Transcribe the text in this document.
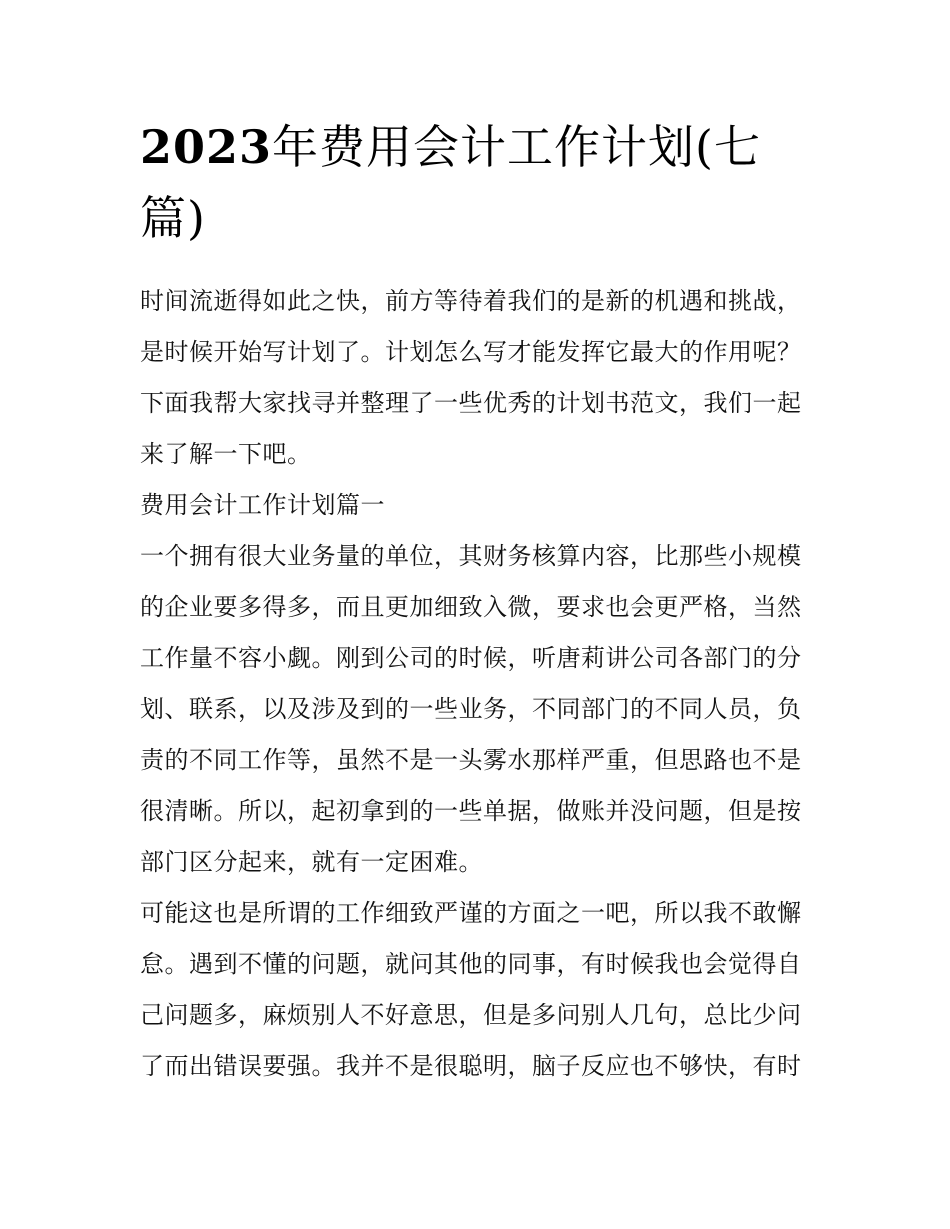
2023年费用会计工作计划(七篇)

时间流逝得如此之快，前方等待着我们的是新的机遇和挑战，是时候开始写计划了。计划怎么写才能发挥它最大的作用呢？下面我帮大家找寻并整理了一些优秀的计划书范文，我们一起来了解一下吧。

费用会计工作计划篇一

一个拥有很大业务量的单位，其财务核算内容，比那些小规模的企业要多得多，而且更加细致入微，要求也会更严格，当然工作量不容小觑。刚到公司的时候，听唐莉讲公司各部门的分划、联系，以及涉及到的一些业务，不同部门的不同人员，负责的不同工作等，虽然不是一头雾水那样严重，但思路也不是很清晰。所以，起初拿到的一些单据，做账并没问题，但是按部门区分起来，就有一定困难。

可能这也是所谓的工作细致严谨的方面之一吧，所以我不敢懈怠。遇到不懂的问题，就问其他的同事，有时候我也会觉得自己问题多，麻烦别人不好意思，但是多问别人几句，总比少问了而出错误要强。我并不是很聪明，脑子反应也不够快，有时
